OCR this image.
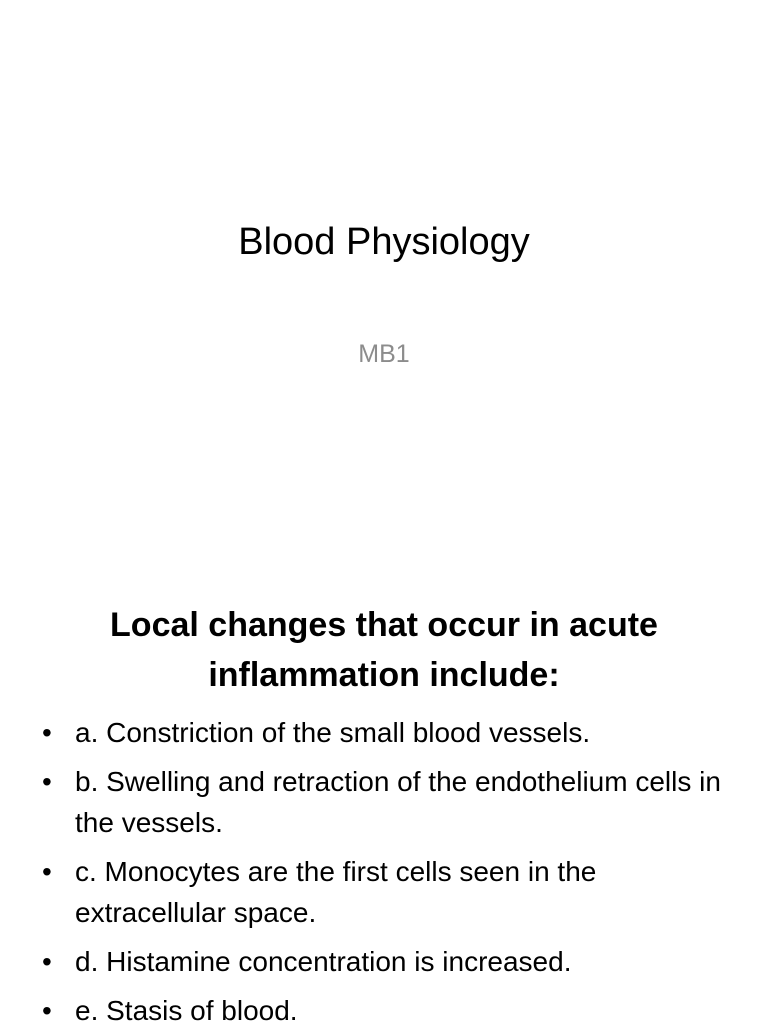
Blood Physiology
MB1
Local changes that occur in acute inflammation include:
• a. Constriction of the small blood vessels.
• b. Swelling and retraction of the endothelium cells in the vessels.
• c. Monocytes are the first cells seen in the extracellular space.
• d. Histamine concentration is increased.
• e. Stasis of blood.
